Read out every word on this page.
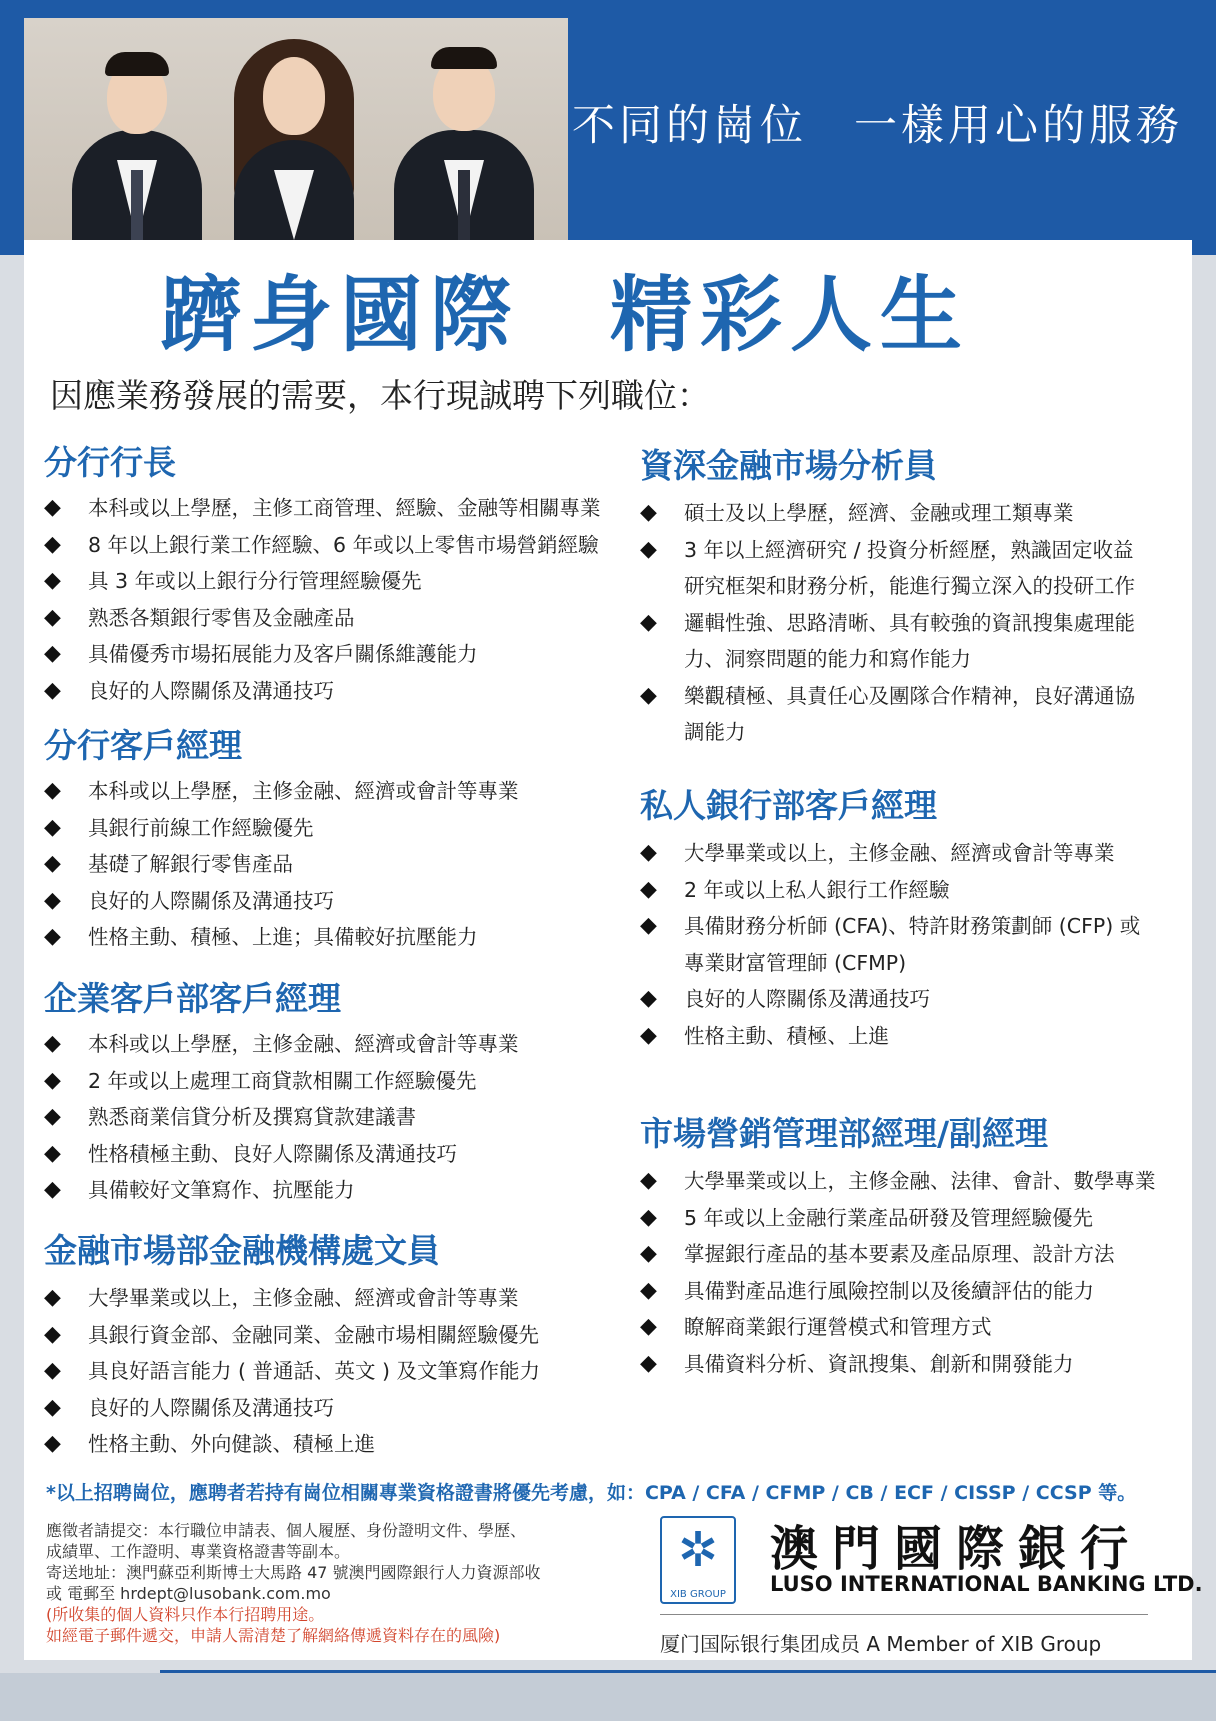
不同的崗位　一樣用心的服務
躋身國際　精彩人生
因應業務發展的需要，本行現誠聘下列職位：
分行行長
◆ 本科或以上學歷，主修工商管理、經驗、金融等相關專業
◆ 8 年以上銀行業工作經驗、6 年或以上零售市場營銷經驗
◆ 具 3 年或以上銀行分行管理經驗優先
◆ 熟悉各類銀行零售及金融產品
◆ 具備優秀市場拓展能力及客戶關係維護能力
◆ 良好的人際關係及溝通技巧
分行客戶經理
◆ 本科或以上學歷，主修金融、經濟或會計等專業
◆ 具銀行前線工作經驗優先
◆ 基礎了解銀行零售產品
◆ 良好的人際關係及溝通技巧
◆ 性格主動、積極、上進；具備較好抗壓能力
企業客戶部客戶經理
◆ 本科或以上學歷，主修金融、經濟或會計等專業
◆ 2 年或以上處理工商貸款相關工作經驗優先
◆ 熟悉商業信貸分析及撰寫貸款建議書
◆ 性格積極主動、良好人際關係及溝通技巧
◆ 具備較好文筆寫作、抗壓能力
金融市場部金融機構處文員
◆ 大學畢業或以上，主修金融、經濟或會計等專業
◆ 具銀行資金部、金融同業、金融市場相關經驗優先
◆ 具良好語言能力 ( 普通話、英文 ) 及文筆寫作能力
◆ 良好的人際關係及溝通技巧
◆ 性格主動、外向健談、積極上進
資深金融市場分析員
◆ 碩士及以上學歷，經濟、金融或理工類專業
◆ 3 年以上經濟研究 / 投資分析經歷，熟識固定收益
研究框架和財務分析，能進行獨立深入的投研工作
◆ 邏輯性強、思路清晰、具有較強的資訊搜集處理能
力、洞察問題的能力和寫作能力
◆ 樂觀積極、具責任心及團隊合作精神，良好溝通協
調能力
私人銀行部客戶經理
◆ 大學畢業或以上，主修金融、經濟或會計等專業
◆ 2 年或以上私人銀行工作經驗
◆ 具備財務分析師 (CFA)、特許財務策劃師 (CFP) 或
專業財富管理師 (CFMP)
◆ 良好的人際關係及溝通技巧
◆ 性格主動、積極、上進
市場營銷管理部經理/副經理
◆ 大學畢業或以上，主修金融、法律、會計、數學專業
◆ 5 年或以上金融行業產品研發及管理經驗優先
◆ 掌握銀行產品的基本要素及產品原理、設計方法
◆ 具備對產品進行風險控制以及後續評估的能力
◆ 瞭解商業銀行運營模式和管理方式
◆ 具備資料分析、資訊搜集、創新和開發能力
*以上招聘崗位，應聘者若持有崗位相關專業資格證書將優先考慮，如：CPA / CFA / CFMP / CB / ECF / CISSP / CCSP 等。
應徵者請提交：本行職位申請表、個人履歷、身份證明文件、學歷、
成績單、工作證明、專業資格證書等副本。
寄送地址：澳門蘇亞利斯博士大馬路 47 號澳門國際銀行人力資源部收
或 電郵至 hrdept@lusobank.com.mo
(所收集的個人資料只作本行招聘用途。
如經電子郵件遞交，申請人需清楚了解網絡傳遞資料存在的風險)
✲
XIB GROUP
澳門國際銀行
LUSO INTERNATIONAL BANKING LTD.
厦门国际银行集团成员 A Member of XIB Group
